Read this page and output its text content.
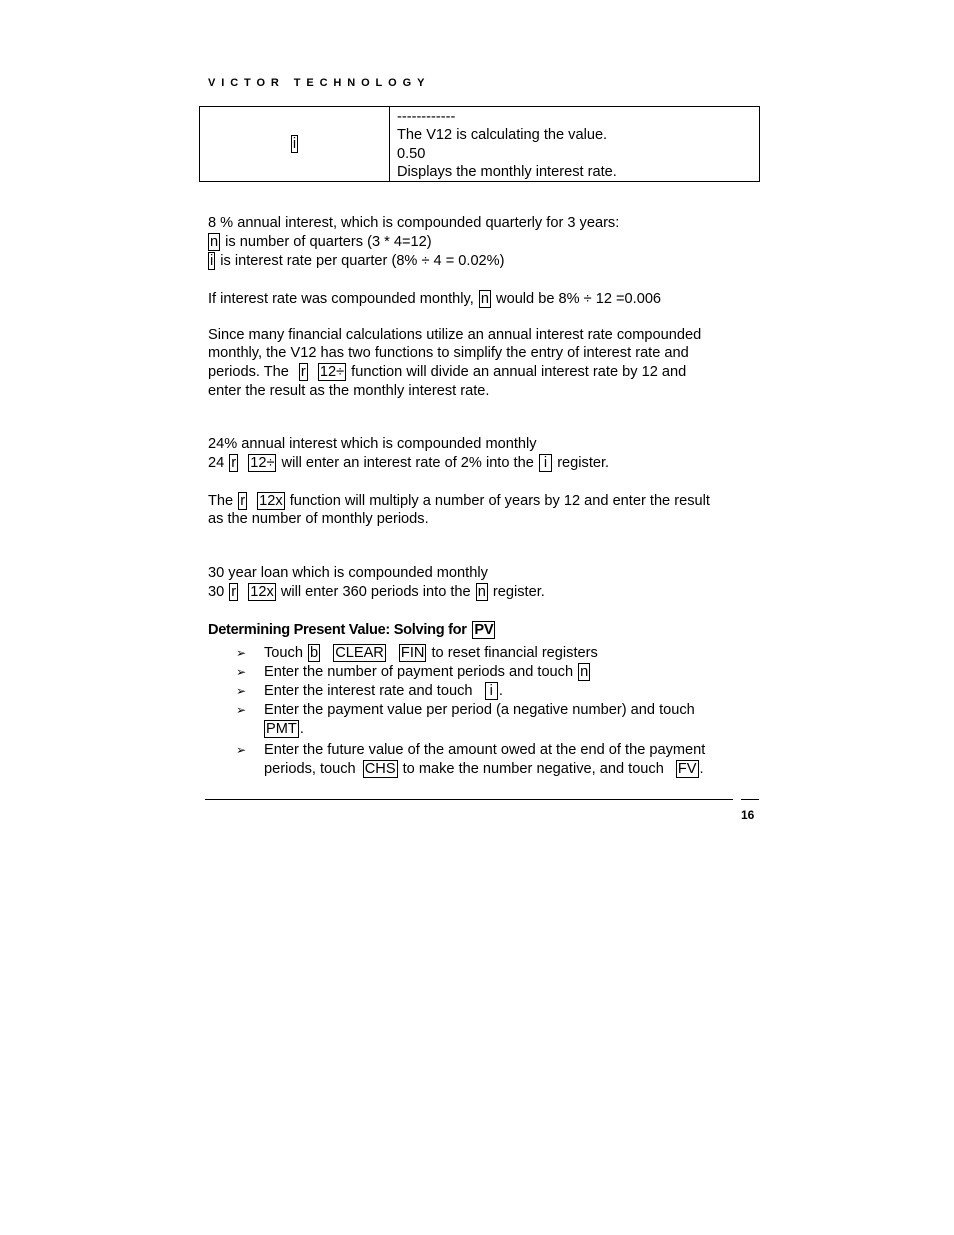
VICTOR TECHNOLOGY
i	
------------
The V12 is calculating the value.
0.50
Displays the monthly interest rate.
8 % annual interest, which is compounded quarterly for 3 years:
n is number of quarters (3 * 4=12)
i is interest rate per quarter (8% ÷ 4 = 0.02%)
If interest rate was compounded monthly, n would be 8% ÷ 12 =0.006
Since many financial calculations utilize an annual interest rate compounded
monthly, the V12 has two functions to simplify the entry of interest rate and
periods. The r 12÷ function will divide an annual interest rate by 12 and
enter the result as the monthly interest rate.
24% annual interest which is compounded monthly
24 r 12÷ will enter an interest rate of 2% into the i register.
The r 12x function will multiply a number of years by 12 and enter the result
as the number of monthly periods.
30 year loan which is compounded monthly
30 r 12x will enter 360 periods into the n register.
Determining Present Value: Solving for PV
➢ Touch b CLEAR FIN to reset financial registers
➢ Enter the number of payment periods and touch n
➢ Enter the interest rate and touch i .
➢ Enter the payment value per period (a negative number) and touch
PMT .
➢ Enter the future value of the amount owed at the end of the payment
periods, touch CHS to make the number negative, and touch FV .
16
